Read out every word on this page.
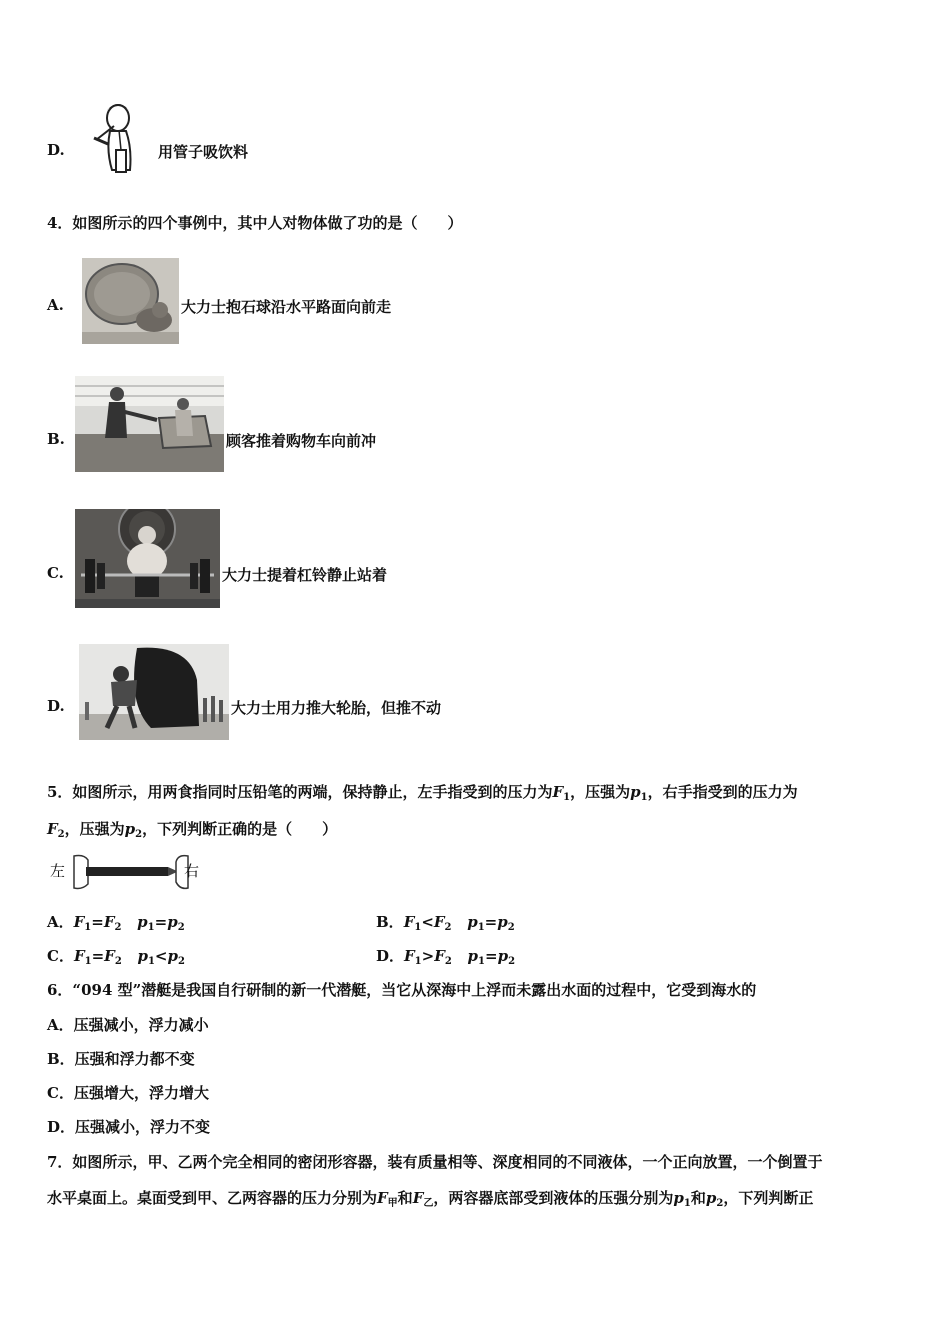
D.	用管子吸饮料
4．如图所示的四个事例中，其中人对物体做了功的是（　　）
A.	大力士抱石球沿水平路面向前走
B.	顾客推着购物车向前冲
C.	大力士提着杠铃静止站着
D.	大力士用力推大轮胎，但推不动
5．如图所示，用两食指同时压铅笔的两端，保持静止，左手指受到的压力为$F_1$，压强为$p_1$，右手指受到的压力为
$F_2$，压强为$p_2$，下列判断正确的是（　　）
左	右
A．$F_1=F_2$ $p_1=p_2$	B．$F_1<F_2$ $p_1=p_2$
C．$F_1=F_2$ $p_1<p_2$	D．$F_1>F_2$ $p_1=p_2$
6．“094 型”潜艇是我国自行研制的新一代潜艇，当它从深海中上浮而未露出水面的过程中，它受到海水的
A．压强减小，浮力减小
B．压强和浮力都不变
C．压强增大，浮力增大
D．压强减小，浮力不变
7．如图所示，甲、乙两个完全相同的密闭形容器，装有质量相等、深度相同的不同液体，一个正向放置，一个倒置于
水平桌面上。桌面受到甲、乙两容器的压力分别为$F_甲$和$F_乙$，两容器底部受到液体的压强分别为$p_1$和$p_2$，下列判断正
